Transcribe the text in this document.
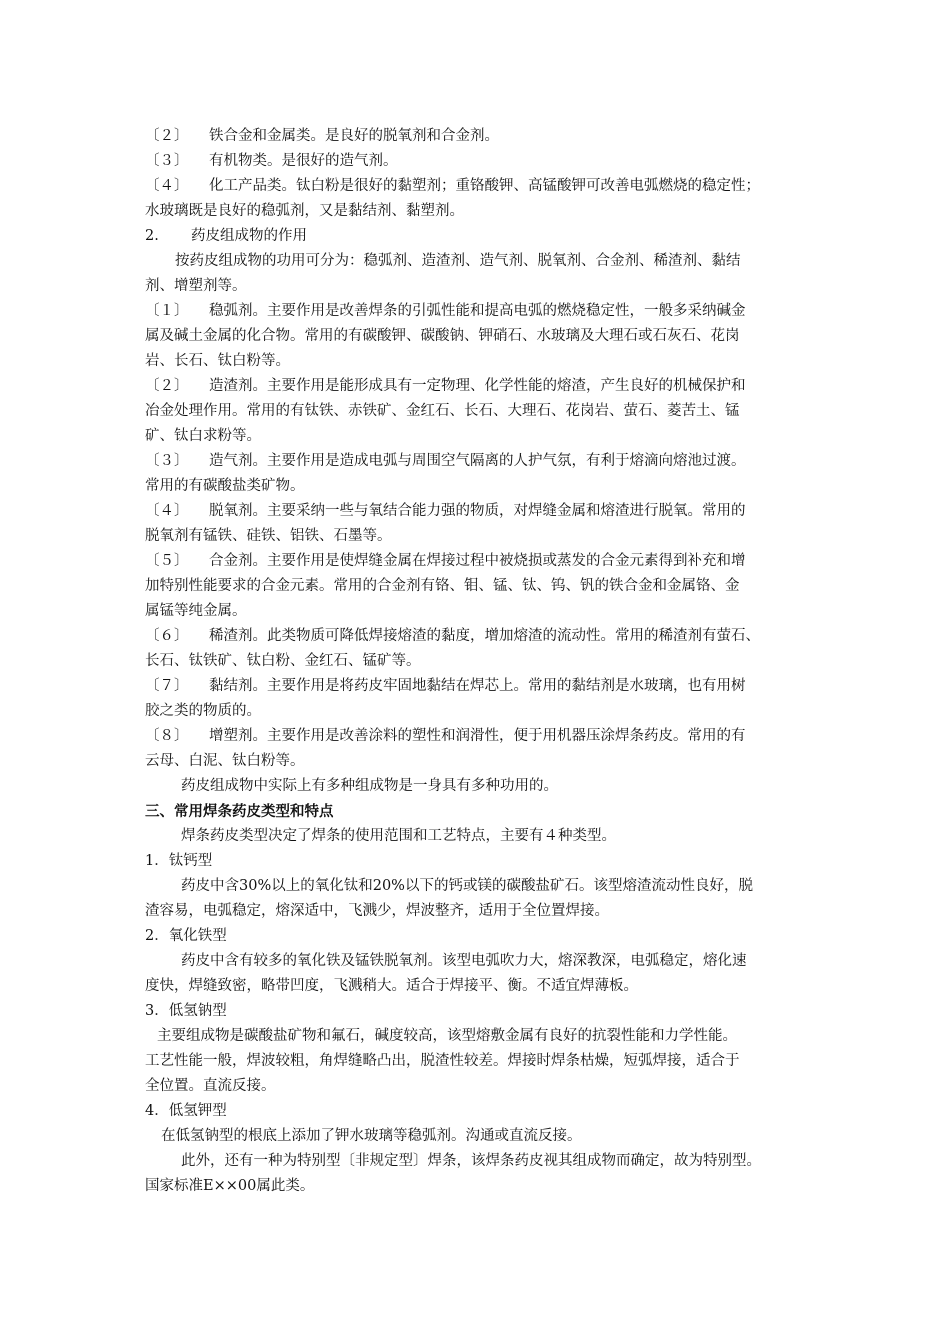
〔２〕 铁合金和金属类。是良好的脱氧剂和合金剂。
〔３〕 有机物类。是很好的造气剂。
〔４〕 化工产品类。钛白粉是很好的黏塑剂；重铬酸钾、高锰酸钾可改善电弧燃烧的稳定性；
水玻璃既是良好的稳弧剂，又是黏结剂、黏塑剂。
2. 药皮组成物的作用
按药皮组成物的功用可分为：稳弧剂、造渣剂、造气剂、脱氧剂、合金剂、稀渣剂、黏结
剂、增塑剂等。
〔１〕 稳弧剂。主要作用是改善焊条的引弧性能和提高电弧的燃烧稳定性，一般多采纳碱金
属及碱土金属的化合物。常用的有碳酸钾、碳酸钠、钾硝石、水玻璃及大理石或石灰石、花岗
岩、长石、钛白粉等。
〔２〕 造渣剂。主要作用是能形成具有一定物理、化学性能的熔渣，产生良好的机械保护和
冶金处理作用。常用的有钛铁、赤铁矿、金红石、长石、大理石、花岗岩、萤石、菱苦土、锰
矿、钛白求粉等。
〔３〕 造气剂。主要作用是造成电弧与周围空气隔离的人护气氛，有利于熔滴向熔池过渡。
常用的有碳酸盐类矿物。
〔４〕 脱氧剂。主要采纳一些与氧结合能力强的物质，对焊缝金属和熔渣进行脱氧。常用的
脱氧剂有锰铁、硅铁、铝铁、石墨等。
〔５〕 合金剂。主要作用是使焊缝金属在焊接过程中被烧损或蒸发的合金元素得到补充和增
加特别性能要求的合金元素。常用的合金剂有铬、钼、锰、钛、钨、钒的铁合金和金属铬、金
属锰等纯金属。
〔６〕 稀渣剂。此类物质可降低焊接熔渣的黏度，增加熔渣的流动性。常用的稀渣剂有萤石、
长石、钛铁矿、钛白粉、金红石、锰矿等。
〔７〕 黏结剂。主要作用是将药皮牢固地黏结在焊芯上。常用的黏结剂是水玻璃，也有用树
胶之类的物质的。
〔８〕 增塑剂。主要作用是改善涂料的塑性和润滑性，便于用机器压涂焊条药皮。常用的有
云母、白泥、钛白粉等。
药皮组成物中实际上有多种组成物是一身具有多种功用的。
三、常用焊条药皮类型和特点
焊条药皮类型决定了焊条的使用范围和工艺特点，主要有４种类型。
1．钛钙型
药皮中含30%以上的氧化钛和20%以下的钙或镁的碳酸盐矿石。该型熔渣流动性良好，脱
渣容易，电弧稳定，熔深适中，飞溅少，焊波整齐，适用于全位置焊接。
2．氧化铁型
药皮中含有较多的氧化铁及锰铁脱氧剂。该型电弧吹力大，熔深教深，电弧稳定，熔化速
度快，焊缝致密，略带凹度，飞溅稍大。适合于焊接平、衡。不适宜焊薄板。
3．低氢钠型
主要组成物是碳酸盐矿物和氟石，碱度较高，该型熔敷金属有良好的抗裂性能和力学性能。
工艺性能一般，焊波较粗，角焊缝略凸出，脱渣性较差。焊接时焊条枯燥，短弧焊接，适合于
全位置。直流反接。
4．低氢钾型
在低氢钠型的根底上添加了钾水玻璃等稳弧剂。沟通或直流反接。
此外，还有一种为特别型〔非规定型〕焊条，该焊条药皮视其组成物而确定，故为特别型。
国家标准E××00属此类。
